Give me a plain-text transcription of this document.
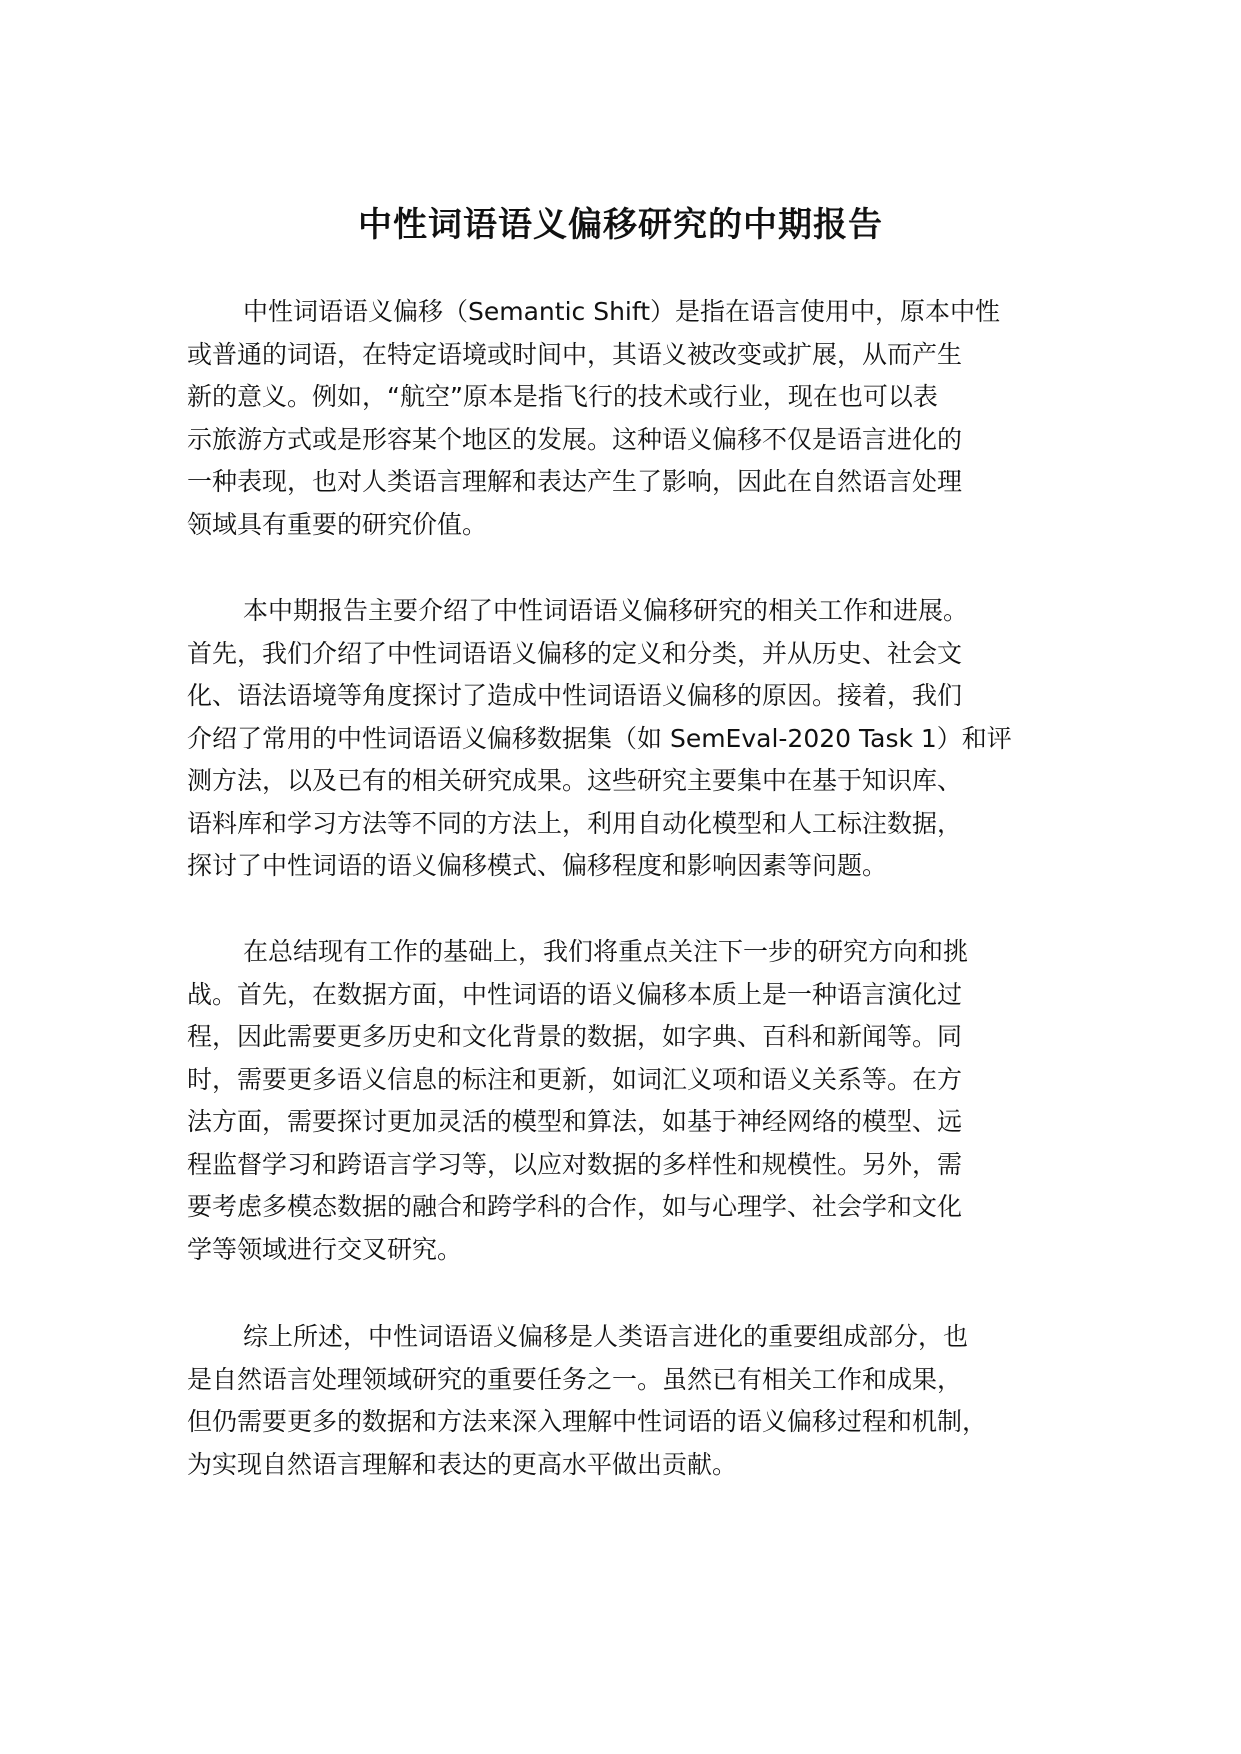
中性词语语义偏移研究的中期报告

中性词语语义偏移（Semantic Shift）是指在语言使用中，原本中性
或普通的词语，在特定语境或时间中，其语义被改变或扩展，从而产生
新的意义。例如，“航空”原本是指飞行的技术或行业，现在也可以表
示旅游方式或是形容某个地区的发展。这种语义偏移不仅是语言进化的
一种表现，也对人类语言理解和表达产生了影响，因此在自然语言处理
领域具有重要的研究价值。

本中期报告主要介绍了中性词语语义偏移研究的相关工作和进展。
首先，我们介绍了中性词语语义偏移的定义和分类，并从历史、社会文
化、语法语境等角度探讨了造成中性词语语义偏移的原因。接着，我们
介绍了常用的中性词语语义偏移数据集（如 SemEval-2020 Task 1）和评
测方法，以及已有的相关研究成果。这些研究主要集中在基于知识库、
语料库和学习方法等不同的方法上，利用自动化模型和人工标注数据，
探讨了中性词语的语义偏移模式、偏移程度和影响因素等问题。

在总结现有工作的基础上，我们将重点关注下一步的研究方向和挑
战。首先，在数据方面，中性词语的语义偏移本质上是一种语言演化过
程，因此需要更多历史和文化背景的数据，如字典、百科和新闻等。同
时，需要更多语义信息的标注和更新，如词汇义项和语义关系等。在方
法方面，需要探讨更加灵活的模型和算法，如基于神经网络的模型、远
程监督学习和跨语言学习等，以应对数据的多样性和规模性。另外，需
要考虑多模态数据的融合和跨学科的合作，如与心理学、社会学和文化
学等领域进行交叉研究。

综上所述，中性词语语义偏移是人类语言进化的重要组成部分，也
是自然语言处理领域研究的重要任务之一。虽然已有相关工作和成果，
但仍需要更多的数据和方法来深入理解中性词语的语义偏移过程和机制，
为实现自然语言理解和表达的更高水平做出贡献。
